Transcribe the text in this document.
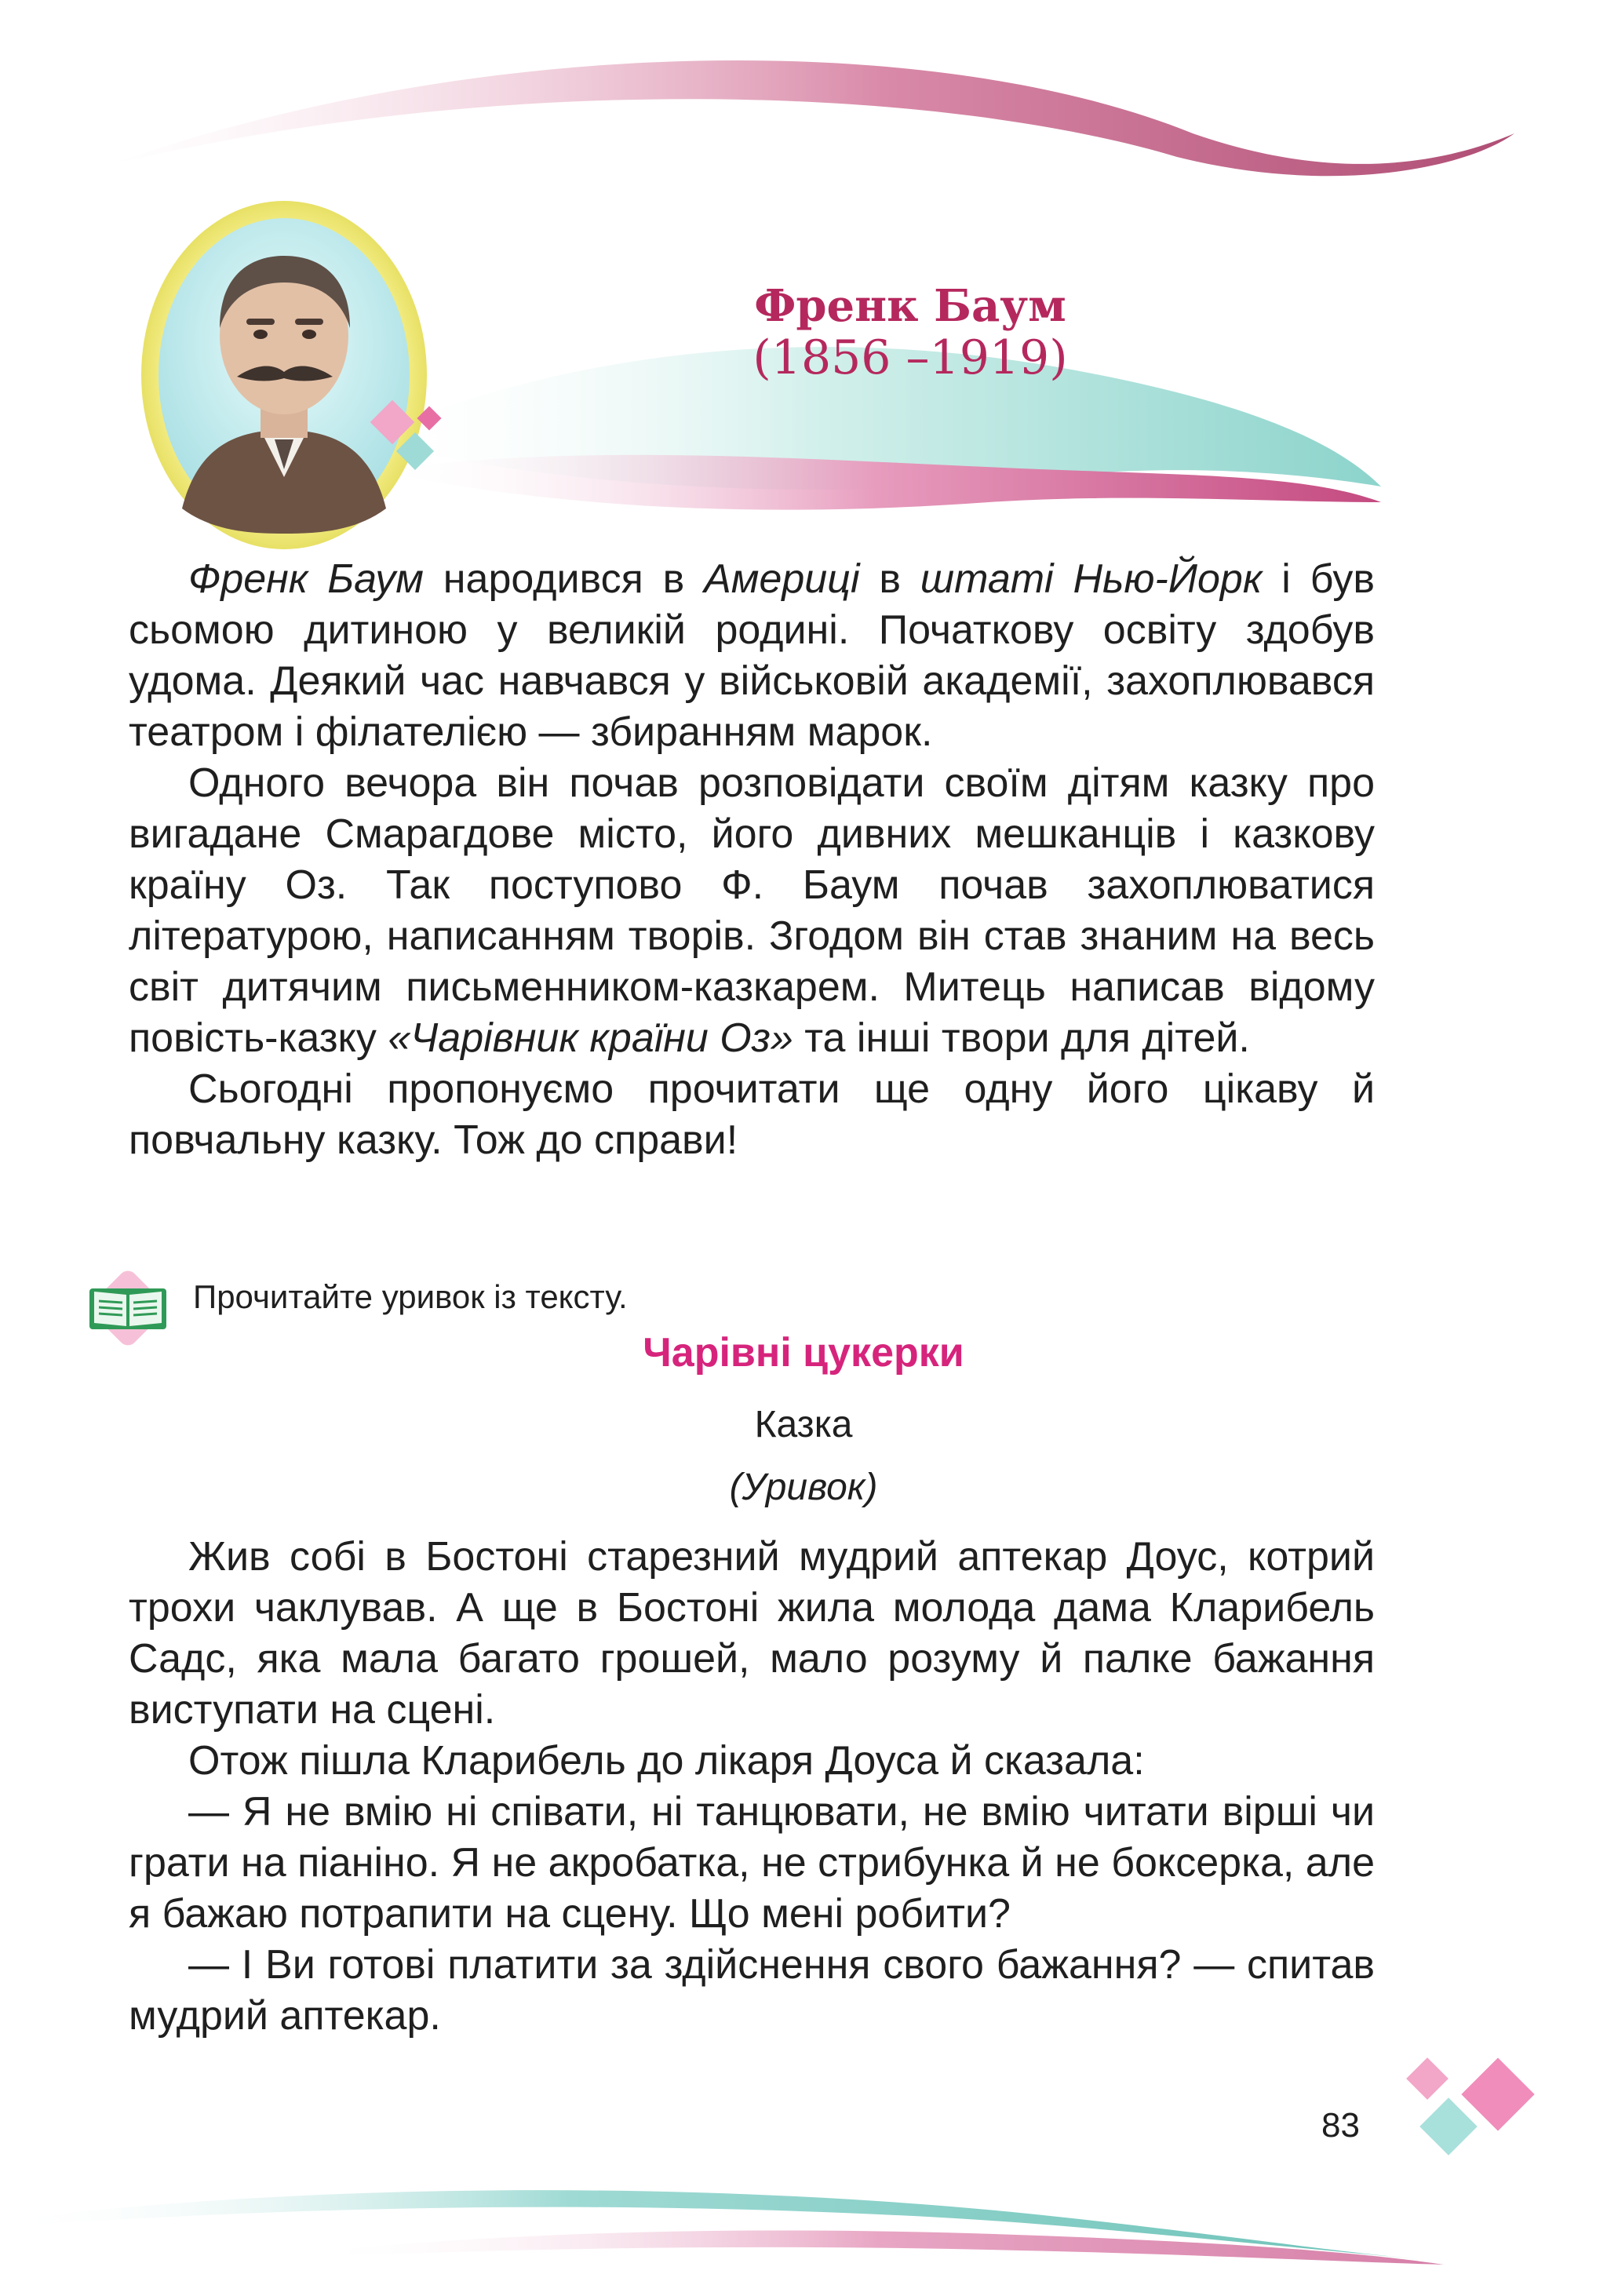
Френк Баум
(1856 –1919)

Френк Баум народився в Америці в штаті Нью-Йорк і був сьомою дитиною у великій родині. Початкову освіту здобув удома. Деякий час навчався у військовій академії, захоплювався театром і філателією — збиранням марок.

Одного вечора він почав розповідати своїм дітям казку про вигадане Смарагдове місто, його дивних мешканців і казкову країну Оз. Так поступово Ф. Баум почав захоплюватися літературою, написанням творів. Згодом він став знаним на весь світ дитячим письменником-казкарем. Митець написав відому повість-казку «Чарівник країни Оз» та інші твори для дітей.

Сьогодні пропонуємо прочитати ще одну його цікаву й повчальну казку. Тож до справи!

Прочитайте уривок із тексту.
Чарівні цукерки
Казка
(Уривок)

Жив собі в Бостоні старезний мудрий аптекар Доус, котрий трохи чаклував. А ще в Бостоні жила молода дама Кларибель Садс, яка мала багато грошей, мало розуму й палке бажання виступати на сцені.

Отож пішла Кларибель до лікаря Доуса й сказала:

— Я не вмію ні співати, ні танцювати, не вмію читати вірші чи грати на піаніно. Я не акробатка, не стрибунка й не боксерка, але я бажаю потрапити на сцену. Що мені робити?

— І Ви готові платити за здійснення свого бажання? — спитав мудрий аптекар.

83
